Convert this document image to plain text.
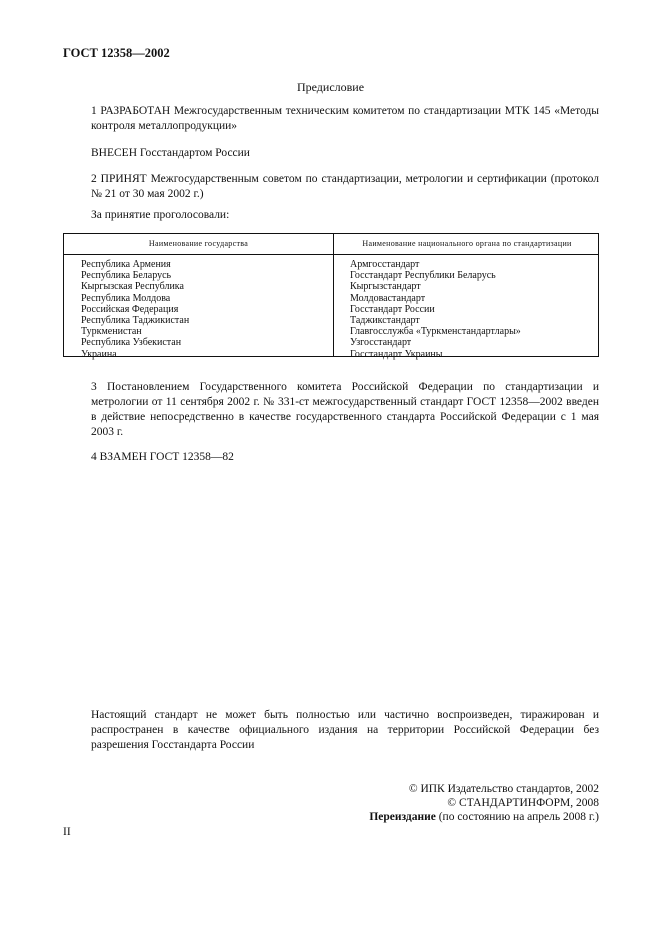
ГОСТ 12358—2002
Предисловие
1 РАЗРАБОТАН Межгосударственным техническим комитетом по стандартизации МТК 145 «Методы контроля металлопродукции»
ВНЕСЕН Госстандартом России
2 ПРИНЯТ Межгосударственным советом по стандартизации, метрологии и сертификации (протокол № 21 от 30 мая 2002 г.)
За принятие проголосовали:
Наименование государства	Наименование национального органа по стандартизации
Республика Армения
Республика Беларусь
Кыргызская Республика
Республика Молдова
Российская Федерация
Республика Таджикистан
Туркменистан
Республика Узбекистан
Украина
Армгосстандарт
Госстандарт Республики Беларусь
Кыргызстандарт
Молдовастандарт
Госстандарт России
Таджикстандарт
Главгосслужба «Туркменстандартлары»
Узгосстандарт
Госстандарт Украины
3 Постановлением Государственного комитета Российской Федерации по стандартизации и метрологии от 11 сентября 2002 г. № 331-ст межгосударственный стандарт ГОСТ 12358—2002 введен в действие непосредственно в качестве государственного стандарта Российской Федерации с 1 мая 2003 г.
4 ВЗАМЕН ГОСТ 12358—82
Настоящий стандарт не может быть полностью или частично воспроизведен, тиражирован и распространен в качестве официального издания на территории Российской Федерации без разрешения Госстандарта России
© ИПК Издательство стандартов, 2002
© СТАНДАРТИНФОРМ, 2008
Переиздание (по состоянию на апрель 2008 г.)
II
